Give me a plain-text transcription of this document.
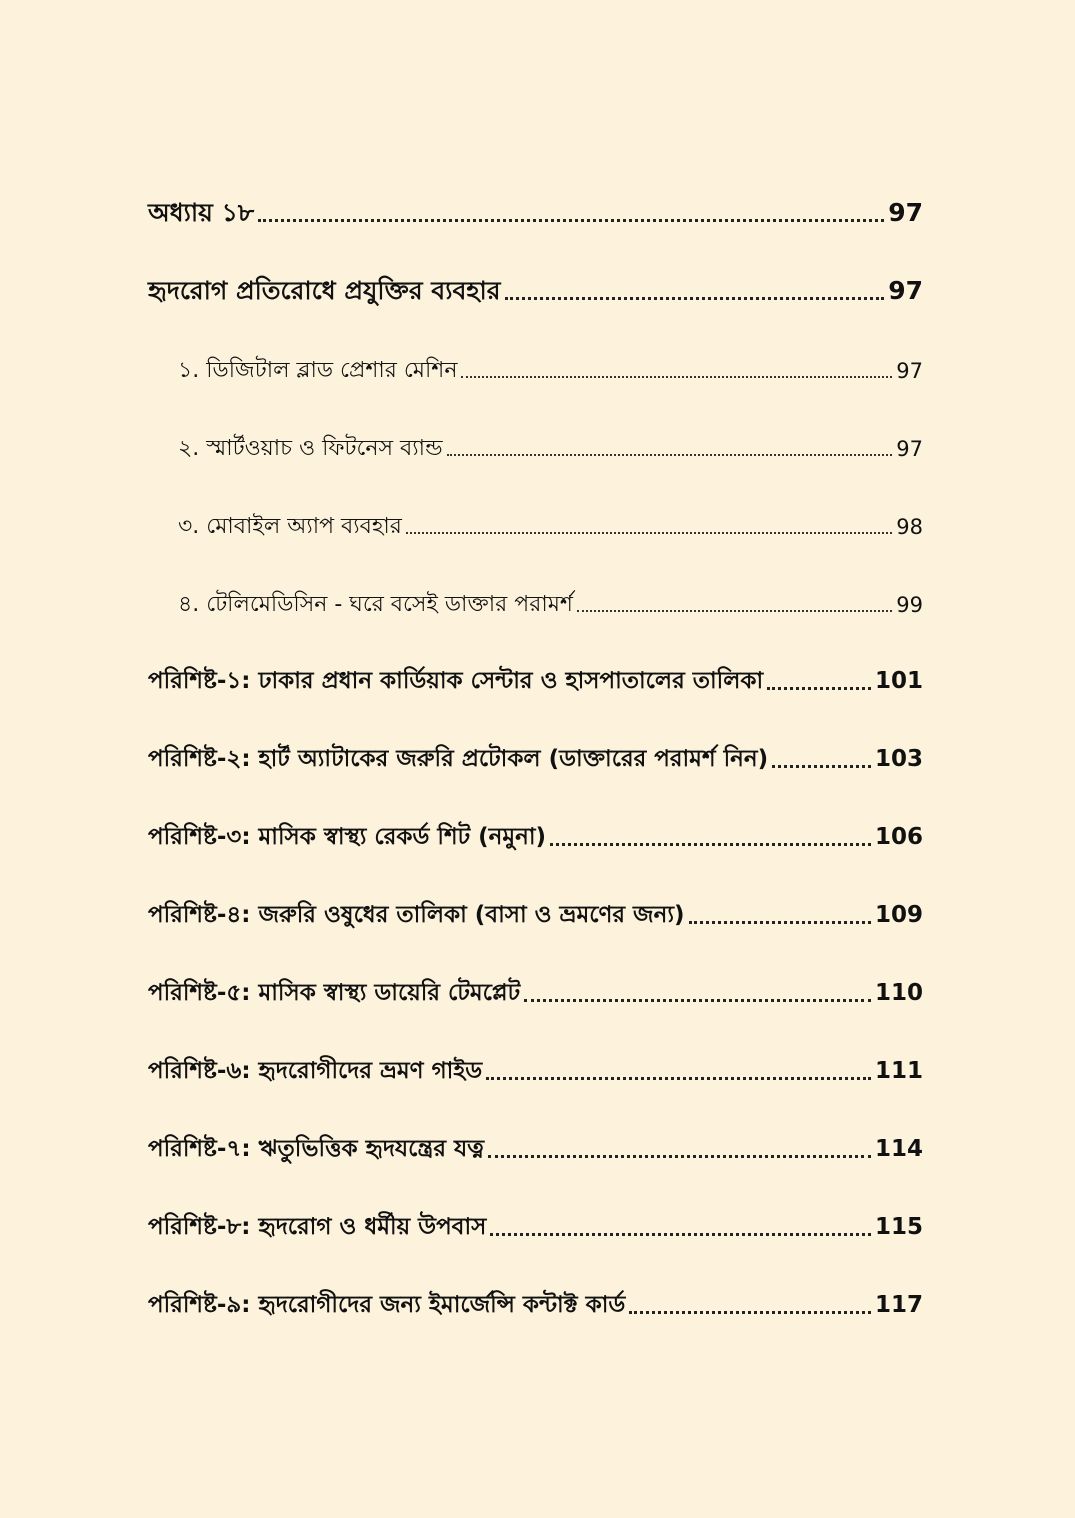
অধ্যায় ১৮	97
হৃদরোগ প্রতিরোধে প্রযুক্তির ব্যবহার	97
১. ডিজিটাল ব্লাড প্রেশার মেশিন	97
২. স্মার্টওয়াচ ও ফিটনেস ব্যান্ড	97
৩. মোবাইল অ্যাপ ব্যবহার	98
৪. টেলিমেডিসিন - ঘরে বসেই ডাক্তার পরামর্শ	99
পরিশিষ্ট-১: ঢাকার প্রধান কার্ডিয়াক সেন্টার ও হাসপাতালের তালিকা	101
পরিশিষ্ট-২: হার্ট অ্যাটাকের জরুরি প্রটোকল (ডাক্তারের পরামর্শ নিন)	103
পরিশিষ্ট-৩: মাসিক স্বাস্থ্য রেকর্ড শিট (নমুনা)	106
পরিশিষ্ট-৪: জরুরি ওষুধের তালিকা (বাসা ও ভ্রমণের জন্য)	109
পরিশিষ্ট-৫: মাসিক স্বাস্থ্য ডায়েরি টেমপ্লেট	110
পরিশিষ্ট-৬: হৃদরোগীদের ভ্রমণ গাইড	111
পরিশিষ্ট-৭: ঋতুভিত্তিক হৃদযন্ত্রের যত্ন	114
পরিশিষ্ট-৮: হৃদরোগ ও ধর্মীয় উপবাস	115
পরিশিষ্ট-৯: হৃদরোগীদের জন্য ইমার্জেন্সি কন্টাক্ট কার্ড	117
